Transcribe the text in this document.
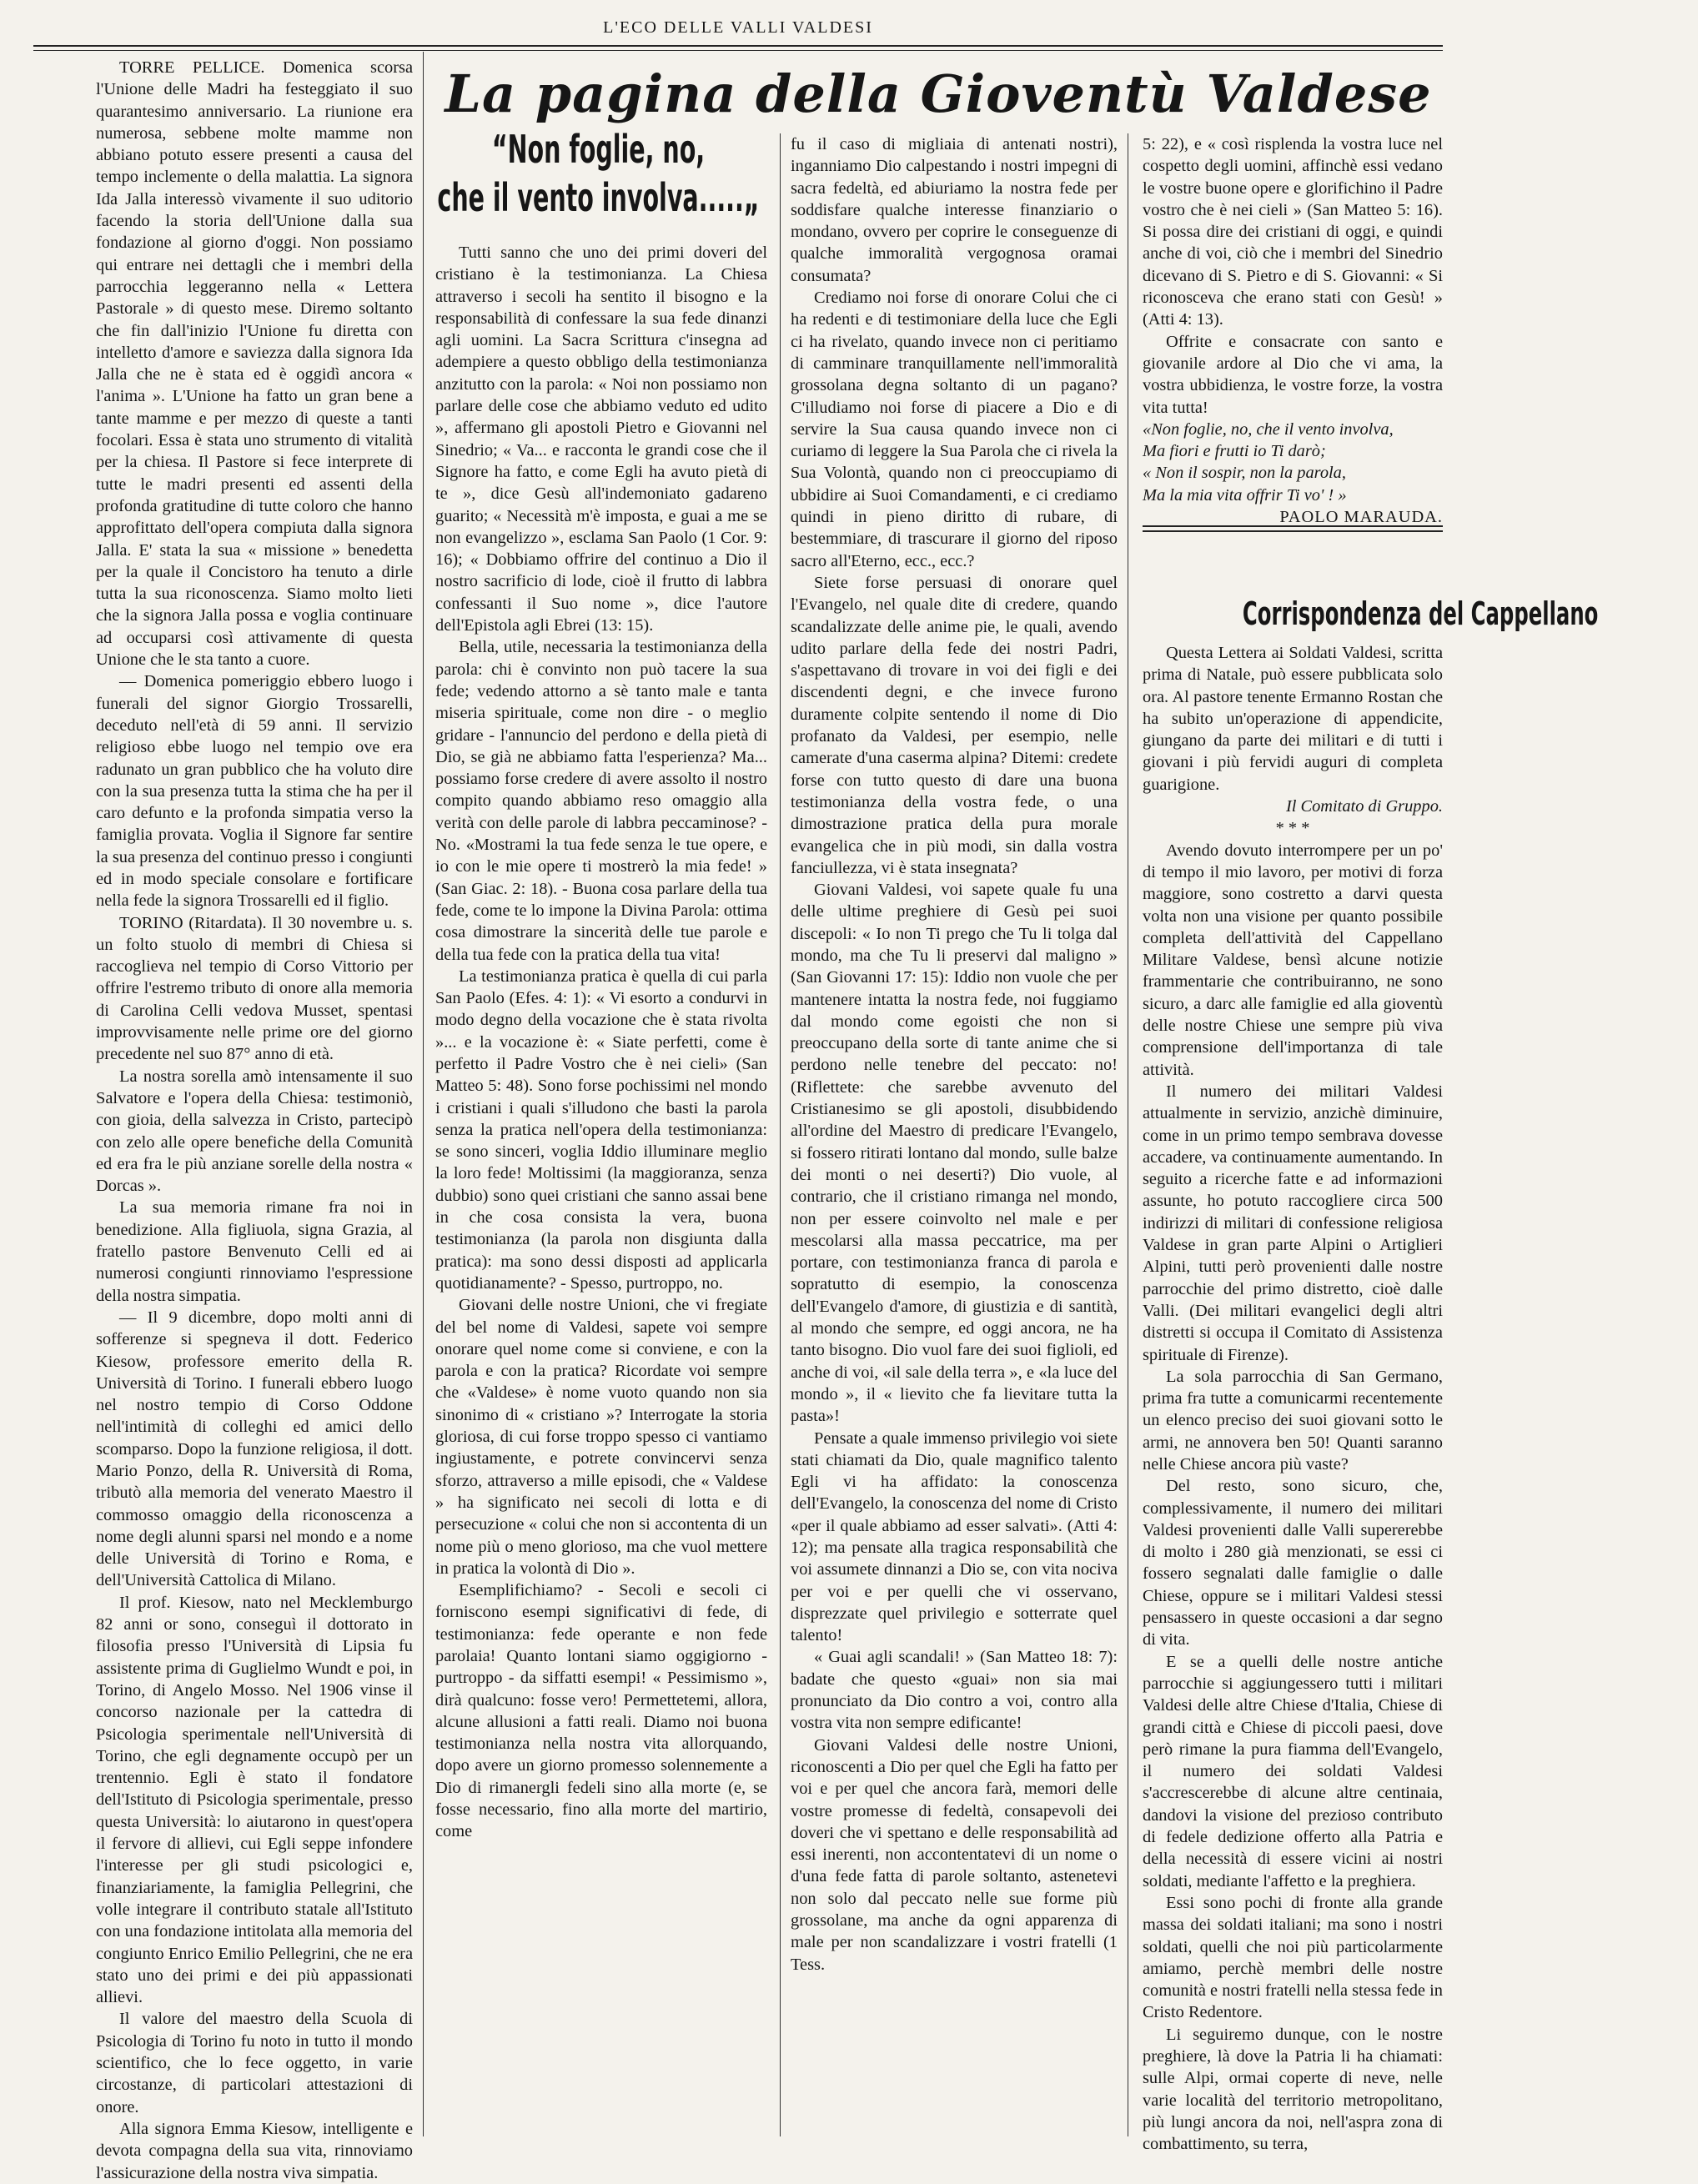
L'ECO DELLE VALLI VALDESI
La pagina della Gioventù Valdese
“Non foglie, no,
che il vento involva.....„

TORRE PELLICE. Domenica scorsa l'Unione delle Madri ha festeggiato il suo quarantesimo anniversario. La riunione era numerosa, sebbene molte mamme non abbiano potuto essere presenti a causa del tempo inclemente o della malattia. La signora Ida Jalla interessò vivamente il suo uditorio facendo la storia dell'Unione dalla sua fondazione al giorno d'oggi. Non possiamo qui entrare nei dettagli che i membri della parrocchia leggeranno nella « Lettera Pastorale » di questo mese. Diremo soltanto che fin dall'inizio l'Unione fu diretta con intelletto d'amore e saviezza dalla signora Ida Jalla che ne è stata ed è oggidì ancora « l'anima ». L'Unione ha fatto un gran bene a tante mamme e per mezzo di queste a tanti focolari. Essa è stata uno strumento di vitalità per la chiesa. Il Pastore si fece interprete di tutte le madri presenti ed assenti della profonda gratitudine di tutte coloro che hanno approfittato dell'opera compiuta dalla signora Jalla. E' stata la sua « missione » benedetta per la quale il Concistoro ha tenuto a dirle tutta la sua riconoscenza. Siamo molto lieti che la signora Jalla possa e voglia continuare ad occuparsi così attivamente di questa Unione che le sta tanto a cuore.

— Domenica pomeriggio ebbero luogo i funerali del signor Giorgio Trossarelli, deceduto nell'età di 59 anni. Il servizio religioso ebbe luogo nel tempio ove era radunato un gran pubblico che ha voluto dire con la sua presenza tutta la stima che ha per il caro defunto e la profonda simpatia verso la famiglia provata. Voglia il Signore far sentire la sua presenza del continuo presso i congiunti ed in modo speciale consolare e fortificare nella fede la signora Trossarelli ed il figlio.

TORINO (Ritardata). Il 30 novembre u. s. un folto stuolo di membri di Chiesa si raccoglieva nel tempio di Corso Vittorio per offrire l'estremo tributo di onore alla memoria di Carolina Celli vedova Musset, spentasi improvvisamente nelle prime ore del giorno precedente nel suo 87° anno di età.

La nostra sorella amò intensamente il suo Salvatore e l'opera della Chiesa: testimoniò, con gioia, della salvezza in Cristo, partecipò con zelo alle opere benefiche della Comunità ed era fra le più anziane sorelle della nostra « Dorcas ».

La sua memoria rimane fra noi in benedizione. Alla figliuola, signa Grazia, al fratello pastore Benvenuto Celli ed ai numerosi congiunti rinnoviamo l'espressione della nostra simpatia.

— Il 9 dicembre, dopo molti anni di sofferenze si spegneva il dott. Federico Kiesow, professore emerito della R. Università di Torino. I funerali ebbero luogo nel nostro tempio di Corso Oddone nell'intimità di colleghi ed amici dello scomparso. Dopo la funzione religiosa, il dott. Mario Ponzo, della R. Università di Roma, tributò alla memoria del venerato Maestro il commosso omaggio della riconoscenza a nome degli alunni sparsi nel mondo e a nome delle Università di Torino e Roma, e dell'Università Cattolica di Milano.

Il prof. Kiesow, nato nel Mecklemburgo 82 anni or sono, conseguì il dottorato in filosofia presso l'Università di Lipsia fu assistente prima di Guglielmo Wundt e poi, in Torino, di Angelo Mosso. Nel 1906 vinse il concorso nazionale per la cattedra di Psicologia sperimentale nell'Università di Torino, che egli degnamente occupò per un trentennio. Egli è stato il fondatore dell'Istituto di Psicologia sperimentale, presso questa Università: lo aiutarono in quest'opera il fervore di allievi, cui Egli seppe infondere l'interesse per gli studi psicologici e, finanziariamente, la famiglia Pellegrini, che volle integrare il contributo statale all'Istituto con una fondazione intitolata alla memoria del congiunto Enrico Emilio Pellegrini, che ne era stato uno dei primi e dei più appassionati allievi.

Il valore del maestro della Scuola di Psicologia di Torino fu noto in tutto il mondo scientifico, che lo fece oggetto, in varie circostanze, di particolari attestazioni di onore.

Alla signora Emma Kiesow, intelligente e devota compagna della sua vita, rinnoviamo l'assicurazione della nostra viva simpatia.

Tutti sanno che uno dei primi doveri del cristiano è la testimonianza. La Chiesa attraverso i secoli ha sentito il bisogno e la responsabilità di confessare la sua fede dinanzi agli uomini. La Sacra Scrittura c'insegna ad adempiere a questo obbligo della testimonianza anzitutto con la parola: « Noi non possiamo non parlare delle cose che abbiamo veduto ed udito », affermano gli apostoli Pietro e Giovanni nel Sinedrio; « Va... e racconta le grandi cose che il Signore ha fatto, e come Egli ha avuto pietà di te », dice Gesù all'indemoniato gadareno guarito; « Necessità m'è imposta, e guai a me se non evangelizzo », esclama San Paolo (1 Cor. 9: 16); « Dobbiamo offrire del continuo a Dio il nostro sacrificio di lode, cioè il frutto di labbra confessanti il Suo nome », dice l'autore dell'Epistola agli Ebrei (13: 15).

Bella, utile, necessaria la testimonianza della parola: chi è convinto non può tacere la sua fede; vedendo attorno a sè tanto male e tanta miseria spirituale, come non dire - o meglio gridare - l'annuncio del perdono e della pietà di Dio, se già ne abbiamo fatta l'esperienza? Ma... possiamo forse credere di avere assolto il nostro compito quando abbiamo reso omaggio alla verità con delle parole di labbra peccaminose? - No. «Mostrami la tua fede senza le tue opere, e io con le mie opere ti mostrerò la mia fede! » (San Giac. 2: 18). - Buona cosa parlare della tua fede, come te lo impone la Divina Parola: ottima cosa dimostrare la sincerità delle tue parole e della tua fede con la pratica della tua vita!

La testimonianza pratica è quella di cui parla San Paolo (Efes. 4: 1): « Vi esorto a condurvi in modo degno della vocazione che è stata rivolta »... e la vocazione è: « Siate perfetti, come è perfetto il Padre Vostro che è nei cieli» (San Matteo 5: 48). Sono forse pochissimi nel mondo i cristiani i quali s'illudono che basti la parola senza la pratica nell'opera della testimonianza: se sono sinceri, voglia Iddio illuminare meglio la loro fede! Moltissimi (la maggioranza, senza dubbio) sono quei cristiani che sanno assai bene in che cosa consista la vera, buona testimonianza (la parola non disgiunta dalla pratica): ma sono dessi disposti ad applicarla quotidianamente? - Spesso, purtroppo, no.

Giovani delle nostre Unioni, che vi fregiate del bel nome di Valdesi, sapete voi sempre onorare quel nome come si conviene, e con la parola e con la pratica? Ricordate voi sempre che «Valdese» è nome vuoto quando non sia sinonimo di « cristiano »? Interrogate la storia gloriosa, di cui forse troppo spesso ci vantiamo ingiustamente, e potrete convincervi senza sforzo, attraverso a mille episodi, che « Valdese » ha significato nei secoli di lotta e di persecuzione « colui che non si accontenta di un nome più o meno glorioso, ma che vuol mettere in pratica la volontà di Dio ».

Esemplifichiamo? - Secoli e secoli ci forniscono esempi significativi di fede, di testimonianza: fede operante e non fede parolaia! Quanto lontani siamo oggigiorno - purtroppo - da siffatti esempi! « Pessimismo », dirà qualcuno: fosse vero! Permettetemi, allora, alcune allusioni a fatti reali. Diamo noi buona testimonianza nella nostra vita allorquando, dopo avere un giorno promesso solennemente a Dio di rimanergli fedeli sino alla morte (e, se fosse necessario, fino alla morte del martirio, come

fu il caso di migliaia di antenati nostri), inganniamo Dio calpestando i nostri impegni di sacra fedeltà, ed abiuriamo la nostra fede per soddisfare qualche interesse finanziario o mondano, ovvero per coprire le conseguenze di qualche immoralità vergognosa oramai consumata?

Crediamo noi forse di onorare Colui che ci ha redenti e di testimoniare della luce che Egli ci ha rivelato, quando invece non ci peritiamo di camminare tranquillamente nell'immoralità grossolana degna soltanto di un pagano? C'illudiamo noi forse di piacere a Dio e di servire la Sua causa quando invece non ci curiamo di leggere la Sua Parola che ci rivela la Sua Volontà, quando non ci preoccupiamo di ubbidire ai Suoi Comandamenti, e ci crediamo quindi in pieno diritto di rubare, di bestemmiare, di trascurare il giorno del riposo sacro all'Eterno, ecc., ecc.?

Siete forse persuasi di onorare quel l'Evangelo, nel quale dite di credere, quando scandalizzate delle anime pie, le quali, avendo udito parlare della fede dei nostri Padri, s'aspettavano di trovare in voi dei figli e dei discendenti degni, e che invece furono duramente colpite sentendo il nome di Dio profanato da Valdesi, per esempio, nelle camerate d'una caserma alpina? Ditemi: credete forse con tutto questo di dare una buona testimonianza della vostra fede, o una dimostrazione pratica della pura morale evangelica che in più modi, sin dalla vostra fanciullezza, vi è stata insegnata?

Giovani Valdesi, voi sapete quale fu una delle ultime preghiere di Gesù pei suoi discepoli: « Io non Ti prego che Tu li tolga dal mondo, ma che Tu li preservi dal maligno » (San Giovanni 17: 15): Iddio non vuole che per mantenere intatta la nostra fede, noi fuggiamo dal mondo come egoisti che non si preoccupano della sorte di tante anime che si perdono nelle tenebre del peccato: no! (Riflettete: che sarebbe avvenuto del Cristianesimo se gli apostoli, disubbidendo all'ordine del Maestro di predicare l'Evangelo, si fossero ritirati lontano dal mondo, sulle balze dei monti o nei deserti?) Dio vuole, al contrario, che il cristiano rimanga nel mondo, non per essere coinvolto nel male e per mescolarsi alla massa peccatrice, ma per portare, con testimonianza franca di parola e sopratutto di esempio, la conoscenza dell'Evangelo d'amore, di giustizia e di santità, al mondo che sempre, ed oggi ancora, ne ha tanto bisogno. Dio vuol fare dei suoi figlioli, ed anche di voi, «il sale della terra », e «la luce del mondo », il « lievito che fa lievitare tutta la pasta»!

Pensate a quale immenso privilegio voi siete stati chiamati da Dio, quale magnifico talento Egli vi ha affidato: la conoscenza dell'Evangelo, la conoscenza del nome di Cristo «per il quale abbiamo ad esser salvati». (Atti 4: 12); ma pensate alla tragica responsabilità che voi assumete dinnanzi a Dio se, con vita nociva per voi e per quelli che vi osservano, disprezzate quel privilegio e sotterrate quel talento!

« Guai agli scandali! » (San Matteo 18: 7): badate che questo «guai» non sia mai pronunciato da Dio contro a voi, contro alla vostra vita non sempre edificante!

Giovani Valdesi delle nostre Unioni, riconoscenti a Dio per quel che Egli ha fatto per voi e per quel che ancora farà, memori delle vostre promesse di fedeltà, consapevoli dei doveri che vi spettano e delle responsabilità ad essi inerenti, non accontentatevi di un nome o d'una fede fatta di parole soltanto, astenetevi non solo dal peccato nelle sue forme più grossolane, ma anche da ogni apparenza di male per non scandalizzare i vostri fratelli (1 Tess.

5: 22), e « così risplenda la vostra luce nel cospetto degli uomini, affinchè essi vedano le vostre buone opere e glorifichino il Padre vostro che è nei cieli » (San Matteo 5: 16). Si possa dire dei cristiani di oggi, e quindi anche di voi, ciò che i membri del Sinedrio dicevano di S. Pietro e di S. Giovanni: « Si riconosceva che erano stati con Gesù! » (Atti 4: 13).

Offrite e consacrate con santo e giovanile ardore al Dio che vi ama, la vostra ubbidienza, le vostre forze, la vostra vita tutta!

«Non foglie, no, che il vento involva,

Ma fiori e frutti io Ti darò;

« Non il sospir, non la parola,

Ma la mia vita offrir Ti vo' ! »

PAOLO MARAUDA.

Corrispondenza del Cappellano

Questa Lettera ai Soldati Valdesi, scritta prima di Natale, può essere pubblicata solo ora. Al pastore tenente Ermanno Rostan che ha subito un'operazione di appendicite, giungano da parte dei militari e di tutti i giovani i più fervidi auguri di completa guarigione.

Il Comitato di Gruppo.

* * *

Avendo dovuto interrompere per un po' di tempo il mio lavoro, per motivi di forza maggiore, sono costretto a darvi questa volta non una visione per quanto possibile completa dell'attività del Cappellano Militare Valdese, bensì alcune notizie frammentarie che contribuiranno, ne sono sicuro, a darc alle famiglie ed alla gioventù delle nostre Chiese une sempre più viva comprensione dell'importanza di tale attività.

Il numero dei militari Valdesi attualmente in servizio, anzichè diminuire, come in un primo tempo sembrava dovesse accadere, va continuamente aumentando. In seguito a ricerche fatte e ad informazioni assunte, ho potuto raccogliere circa 500 indirizzi di militari di confessione religiosa Valdese in gran parte Alpini o Artiglieri Alpini, tutti però provenienti dalle nostre parrocchie del primo distretto, cioè dalle Valli. (Dei militari evangelici degli altri distretti si occupa il Comitato di Assistenza spirituale di Firenze).

La sola parrocchia di San Germano, prima fra tutte a comunicarmi recentemente un elenco preciso dei suoi giovani sotto le armi, ne annovera ben 50! Quanti saranno nelle Chiese ancora più vaste?

Del resto, sono sicuro, che, complessivamente, il numero dei militari Valdesi provenienti dalle Valli supererebbe di molto i 280 già menzionati, se essi ci fossero segnalati dalle famiglie o dalle Chiese, oppure se i militari Valdesi stessi pensassero in queste occasioni a dar segno di vita.

E se a quelli delle nostre antiche parrocchie si aggiungessero tutti i militari Valdesi delle altre Chiese d'Italia, Chiese di grandi città e Chiese di piccoli paesi, dove però rimane la pura fiamma dell'Evangelo, il numero dei soldati Valdesi s'accrescerebbe di alcune altre centinaia, dandovi la visione del prezioso contributo di fedele dedizione offerto alla Patria e della necessità di essere vicini ai nostri soldati, mediante l'affetto e la preghiera.

Essi sono pochi di fronte alla grande massa dei soldati italiani; ma sono i nostri soldati, quelli che noi più particolarmente amiamo, perchè membri delle nostre comunità e nostri fratelli nella stessa fede in Cristo Redentore.

Li seguiremo dunque, con le nostre preghiere, là dove la Patria li ha chiamati: sulle Alpi, ormai coperte di neve, nelle varie località del territorio metropolitano, più lungi ancora da noi, nell'aspra zona di combattimento, su terra,
